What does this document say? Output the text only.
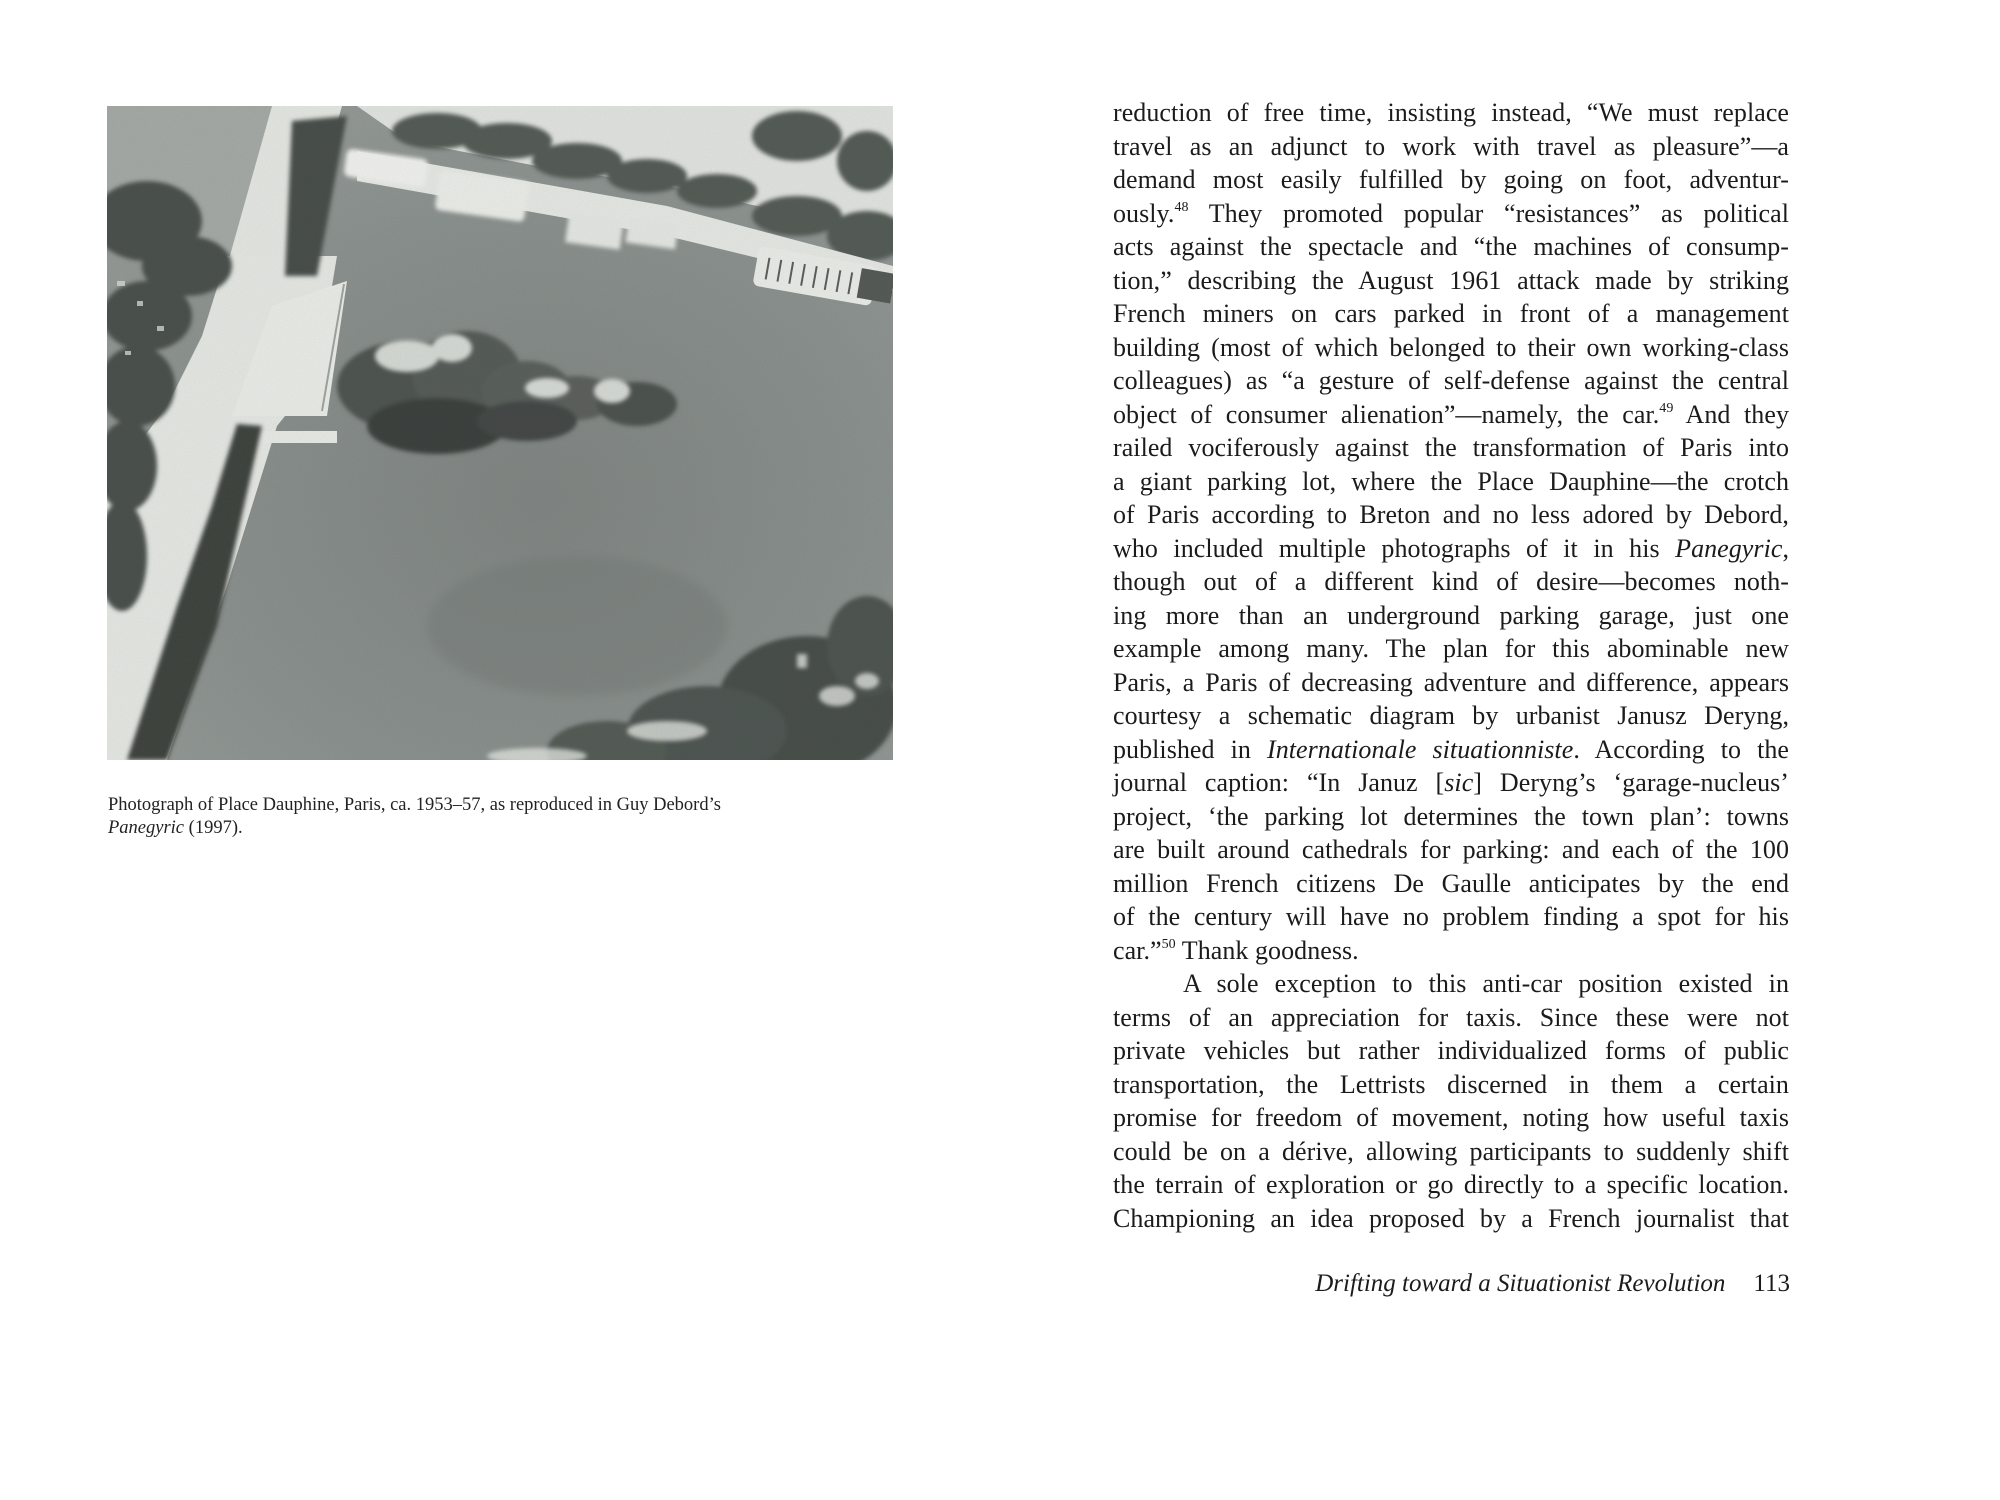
Photograph of Place Dauphine, Paris, ca. 1953–57, as reproduced in Guy Debord’s
Panegyric (1997).
reduction of free time, insisting instead, “We must replace
travel as an adjunct to work with travel as pleasure”—a
demand most easily fulfilled by going on foot, adventur-
ously.$^{48}$ They promoted popular “resistances” as political
acts against the spectacle and “the machines of consump-
tion,” describing the August 1961 attack made by striking
French miners on cars parked in front of a management
building (most of which belonged to their own working-class
colleagues) as “a gesture of self-defense against the central
object of consumer alienation”—namely, the car.$^{49}$ And they
railed vociferously against the transformation of Paris into
a giant parking lot, where the Place Dauphine—the crotch
of Paris according to Breton and no less adored by Debord,
who included multiple photographs of it in his Panegyric,
though out of a different kind of desire—becomes noth-
ing more than an underground parking garage, just one
example among many. The plan for this abominable new
Paris, a Paris of decreasing adventure and difference, appears
courtesy a schematic diagram by urbanist Janusz Deryng,
published in Internationale situationniste. According to the
journal caption: “In Januz [sic] Deryng’s ‘garage-nucleus’
project, ‘the parking lot determines the town plan’: towns
are built around cathedrals for parking: and each of the 100
million French citizens De Gaulle anticipates by the end
of the century will have no problem finding a spot for his
car.”$^{50}$ Thank goodness.
A sole exception to this anti-car position existed in
terms of an appreciation for taxis. Since these were not
private vehicles but rather individualized forms of public
transportation, the Lettrists discerned in them a certain
promise for freedom of movement, noting how useful taxis
could be on a dérive, allowing participants to suddenly shift
the terrain of exploration or go directly to a specific location.
Championing an idea proposed by a French journalist that
Drifting toward a Situationist Revolution 113
